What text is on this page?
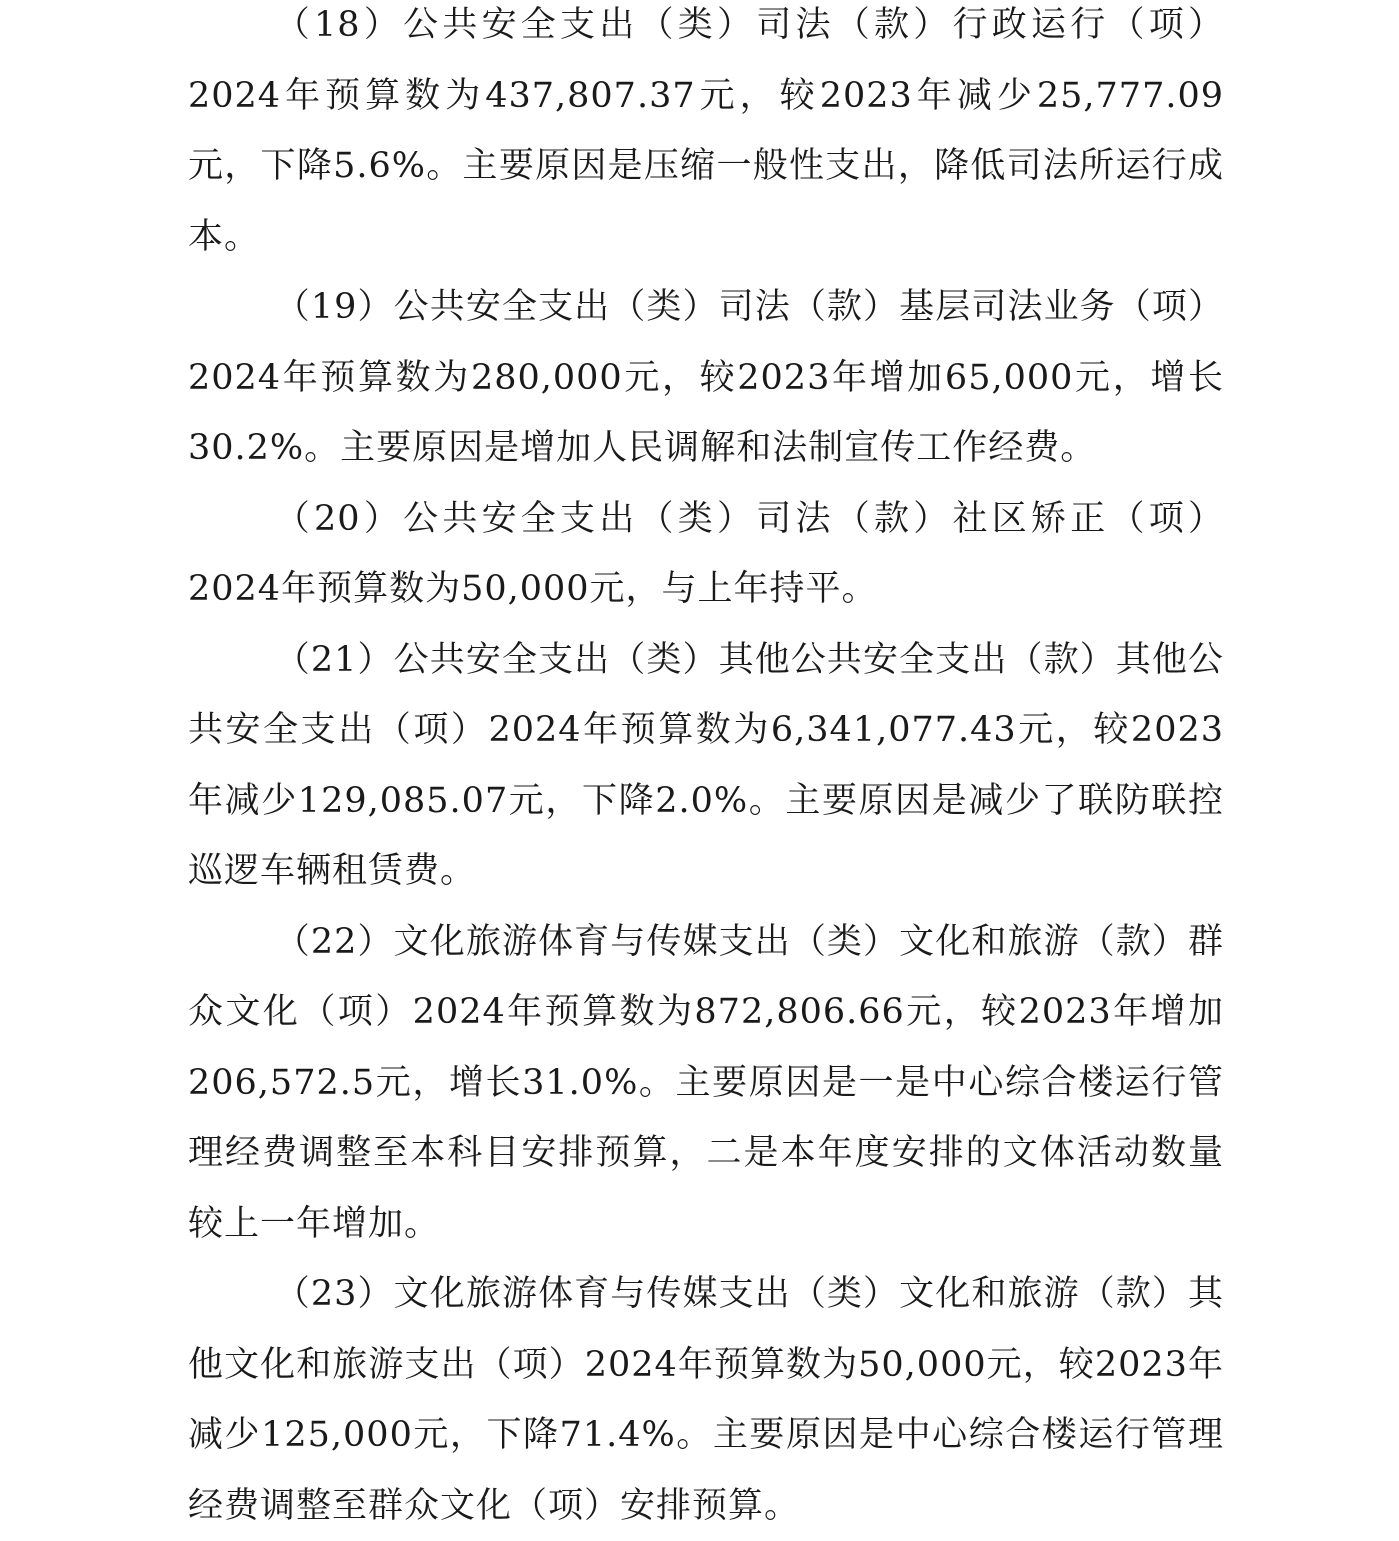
（18）公共安全支出（类）司法（款）行政运行（项）2024年预算数为437,807.37元，较2023年减少25,777.09元，下降5.6%。主要原因是压缩一般性支出，降低司法所运行成本。

（19）公共安全支出（类）司法（款）基层司法业务（项）2024年预算数为280,000元，较2023年增加65,000元，增长30.2%。主要原因是增加人民调解和法制宣传工作经费。

（20）公共安全支出（类）司法（款）社区矫正（项）2024年预算数为50,000元，与上年持平。

（21）公共安全支出（类）其他公共安全支出（款）其他公共安全支出（项）2024年预算数为6,341,077.43元，较2023年减少129,085.07元，下降2.0%。主要原因是减少了联防联控巡逻车辆租赁费。

（22）文化旅游体育与传媒支出（类）文化和旅游（款）群众文化（项）2024年预算数为872,806.66元，较2023年增加206,572.5元，增长31.0%。主要原因是一是中心综合楼运行管理经费调整至本科目安排预算，二是本年度安排的文体活动数量较上一年增加。

（23）文化旅游体育与传媒支出（类）文化和旅游（款）其他文化和旅游支出（项）2024年预算数为50,000元，较2023年减少125,000元，下降71.4%。主要原因是中心综合楼运行管理经费调整至群众文化（项）安排预算。
